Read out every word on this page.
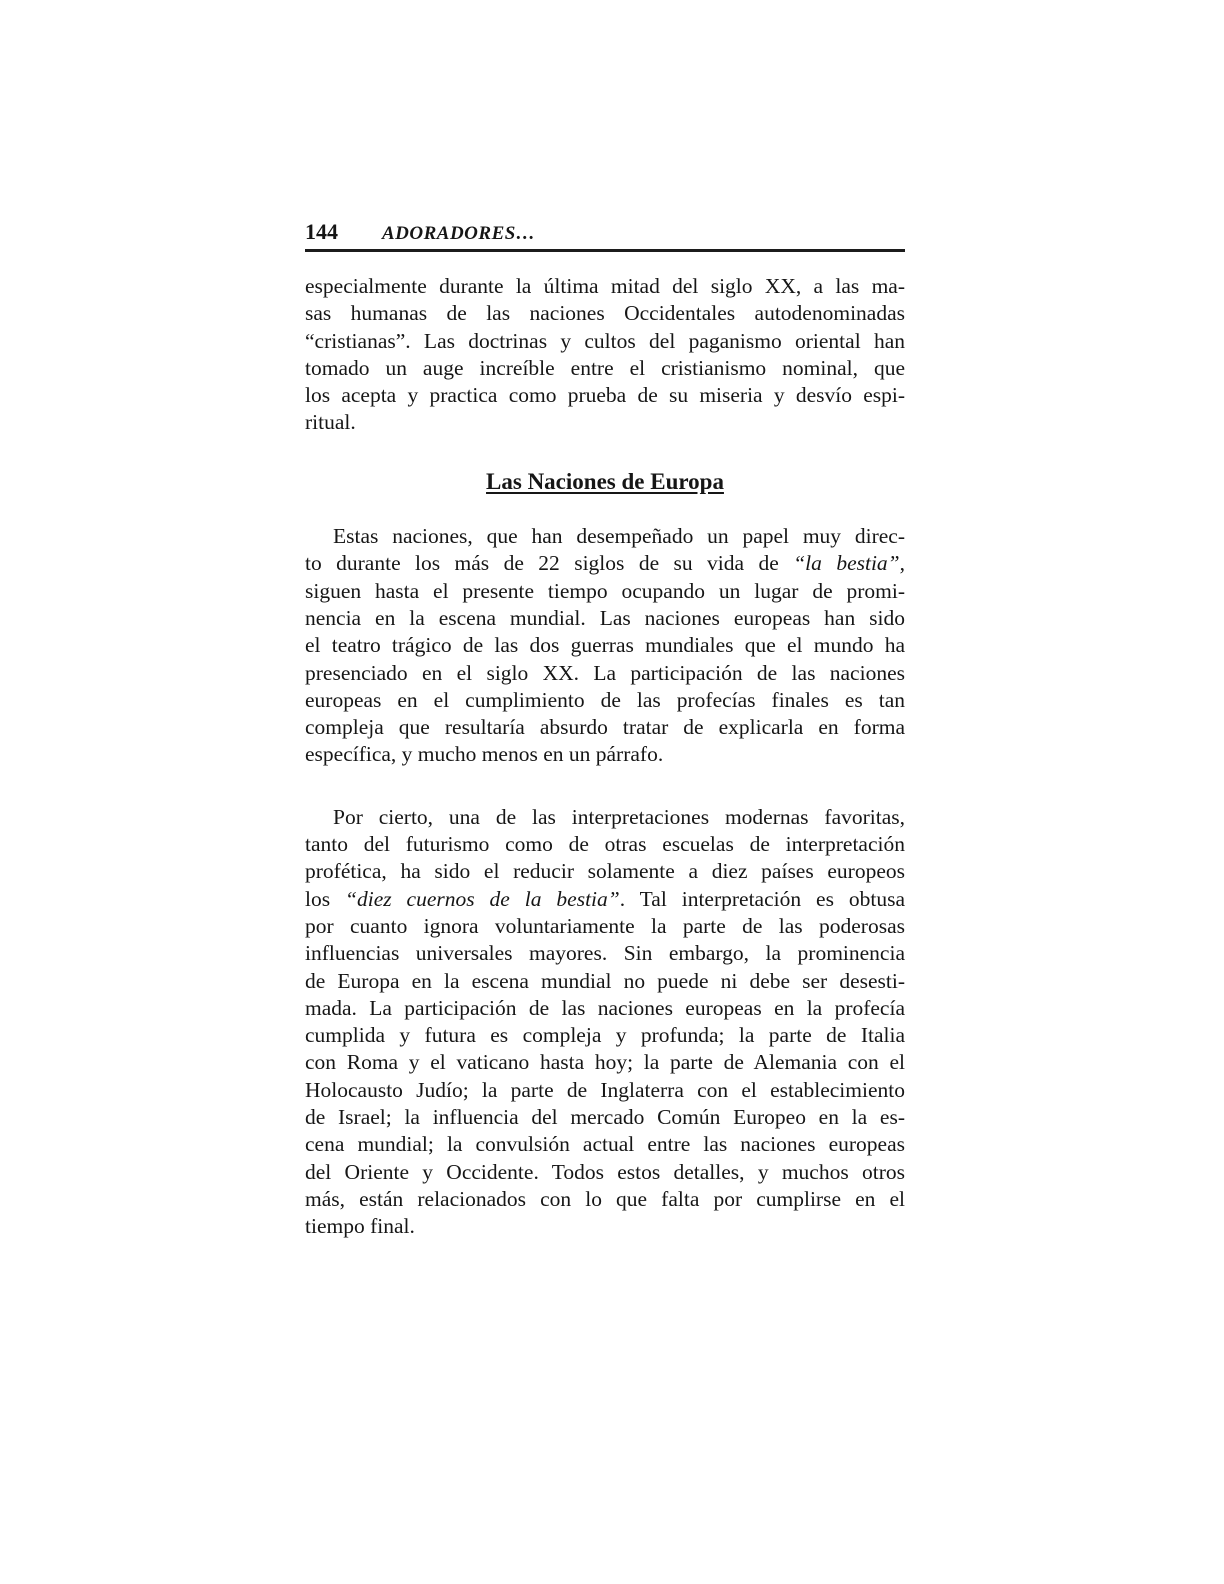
144 ADORADORES…
especialmente durante la última mitad del siglo XX, a las ma-
sas humanas de las naciones Occidentales autodenominadas
“cristianas”. Las doctrinas y cultos del paganismo oriental han
tomado un auge increíble entre el cristianismo nominal, que
los acepta y practica como prueba de su miseria y desvío espi-
ritual.
Las Naciones de Europa
Estas naciones, que han desempeñado un papel muy direc-
to durante los más de 22 siglos de su vida de “la bestia”,
siguen hasta el presente tiempo ocupando un lugar de promi-
nencia en la escena mundial. Las naciones europeas han sido
el teatro trágico de las dos guerras mundiales que el mundo ha
presenciado en el siglo XX. La participación de las naciones
europeas en el cumplimiento de las profecías finales es tan
compleja que resultaría absurdo tratar de explicarla en forma
específica, y mucho menos en un párrafo.
Por cierto, una de las interpretaciones modernas favoritas,
tanto del futurismo como de otras escuelas de interpretación
profética, ha sido el reducir solamente a diez países europeos
los “diez cuernos de la bestia”. Tal interpretación es obtusa
por cuanto ignora voluntariamente la parte de las poderosas
influencias universales mayores. Sin embargo, la prominencia
de Europa en la escena mundial no puede ni debe ser desesti-
mada. La participación de las naciones europeas en la profecía
cumplida y futura es compleja y profunda; la parte de Italia
con Roma y el vaticano hasta hoy; la parte de Alemania con el
Holocausto Judío; la parte de Inglaterra con el establecimiento
de Israel; la influencia del mercado Común Europeo en la es-
cena mundial; la convulsión actual entre las naciones europeas
del Oriente y Occidente. Todos estos detalles, y muchos otros
más, están relacionados con lo que falta por cumplirse en el
tiempo final.
